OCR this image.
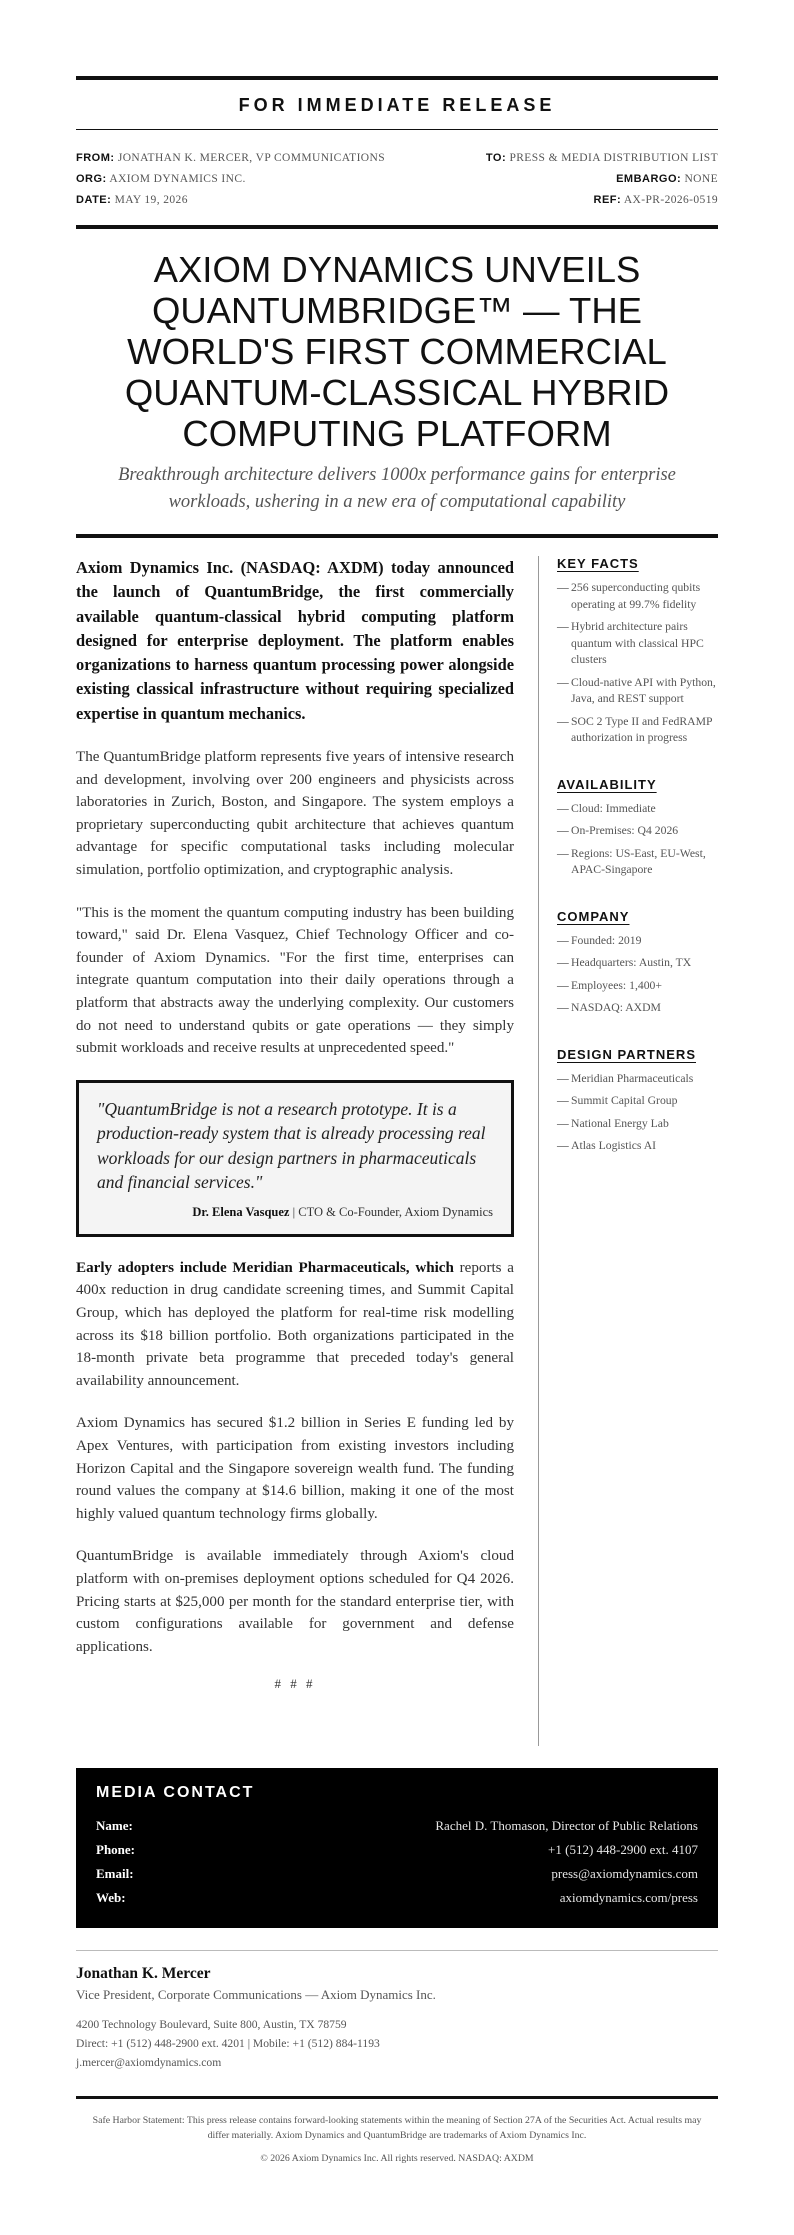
FOR IMMEDIATE RELEASE
FROM: JONATHAN K. MERCER, VP COMMUNICATIONS
ORG: AXIOM DYNAMICS INC.
DATE: MAY 19, 2026
TO: PRESS & MEDIA DISTRIBUTION LIST
EMBARGO: NONE
REF: AX-PR-2026-0519
AXIOM DYNAMICS UNVEILS QUANTUMBRIDGE™ — THE WORLD'S FIRST COMMERCIAL QUANTUM-CLASSICAL HYBRID COMPUTING PLATFORM

Breakthrough architecture delivers 1000x performance gains for enterprise workloads, ushering in a new era of computational capability

Axiom Dynamics Inc. (NASDAQ: AXDM) today announced the launch of QuantumBridge, the first commercially available quantum-classical hybrid computing platform designed for enterprise deployment. The platform enables organizations to harness quantum processing power alongside existing classical infrastructure without requiring specialized expertise in quantum mechanics.

The QuantumBridge platform represents five years of intensive research and development, involving over 200 engineers and physicists across laboratories in Zurich, Boston, and Singapore. The system employs a proprietary superconducting qubit architecture that achieves quantum advantage for specific computational tasks including molecular simulation, portfolio optimization, and cryptographic analysis.

"This is the moment the quantum computing industry has been building toward," said Dr. Elena Vasquez, Chief Technology Officer and co-founder of Axiom Dynamics. "For the first time, enterprises can integrate quantum computation into their daily operations through a platform that abstracts away the underlying complexity. Our customers do not need to understand qubits or gate operations — they simply submit workloads and receive results at unprecedented speed."

"QuantumBridge is not a research prototype. It is a production-ready system that is already processing real workloads for our design partners in pharmaceuticals and financial services."

Dr. Elena Vasquez | CTO & Co-Founder, Axiom Dynamics

Early adopters include Meridian Pharmaceuticals, which reports a 400x reduction in drug candidate screening times, and Summit Capital Group, which has deployed the platform for real-time risk modelling across its $18 billion portfolio. Both organizations participated in the 18-month private beta programme that preceded today's general availability announcement.

Axiom Dynamics has secured $1.2 billion in Series E funding led by Apex Ventures, with participation from existing investors including Horizon Capital and the Singapore sovereign wealth fund. The funding round values the company at $14.6 billion, making it one of the most highly valued quantum technology firms globally.

QuantumBridge is available immediately through Axiom's cloud platform with on-premises deployment options scheduled for Q4 2026. Pricing starts at $25,000 per month for the standard enterprise tier, with custom configurations available for government and defense applications.

# # #

KEY FACTS
— 256 superconducting qubits operating at 99.7% fidelity
— Hybrid architecture pairs quantum with classical HPC clusters
— Cloud-native API with Python, Java, and REST support
— SOC 2 Type II and FedRAMP authorization in progress
AVAILABILITY
— Cloud: Immediate
— On-Premises: Q4 2026
— Regions: US-East, EU-West, APAC-Singapore
COMPANY
— Founded: 2019
— Headquarters: Austin, TX
— Employees: 1,400+
— NASDAQ: AXDM
DESIGN PARTNERS
— Meridian Pharmaceuticals
— Summit Capital Group
— National Energy Lab
— Atlas Logistics AI
MEDIA CONTACT
Name:	Rachel D. Thomason, Director of Public Relations
Phone:	+1 (512) 448-2900 ext. 4107
Email:	press@axiomdynamics.com
Web:	axiomdynamics.com/press
Jonathan K. Mercer
Vice President, Corporate Communications — Axiom Dynamics Inc.
4200 Technology Boulevard, Suite 800, Austin, TX 78759
Direct: +1 (512) 448-2900 ext. 4201 | Mobile: +1 (512) 884-1193
j.mercer@axiomdynamics.com

Safe Harbor Statement: This press release contains forward-looking statements within the meaning of Section 27A of the Securities Act. Actual results may differ materially. Axiom Dynamics and QuantumBridge are trademarks of Axiom Dynamics Inc.

© 2026 Axiom Dynamics Inc. All rights reserved. NASDAQ: AXDM
